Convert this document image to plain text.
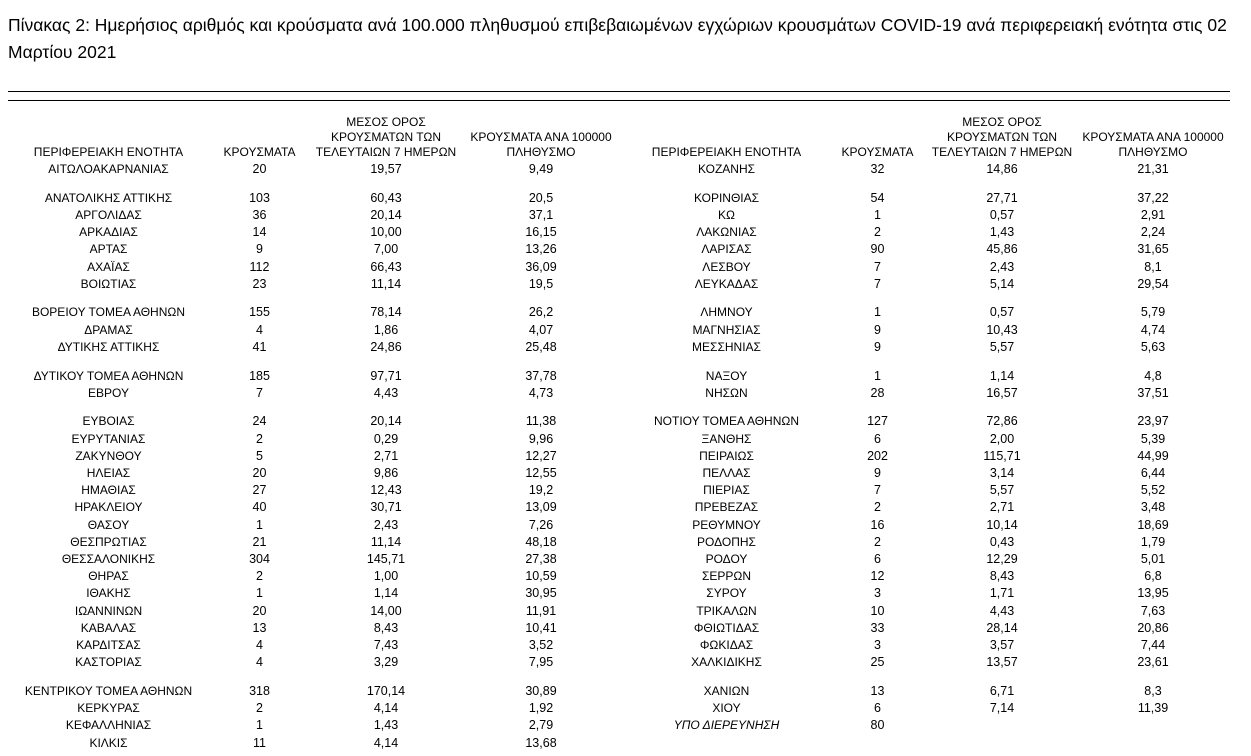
Πίνακας 2: Ημερήσιος αριθμός και κρούσματα ανά 100.000 πληθυσμού επιβεβαιωμένων εγχώριων κρουσμάτων COVID-19 ανά περιφερειακή ενότητα στις 02 Μαρτίου 2021
ΠΕΡΙΦΕΡΕΙΑΚΗ ΕΝΟΤΗΤΑ	ΚΡΟΥΣΜΑΤΑ	ΜΕΣΟΣ ΟΡΟΣ ΚΡΟΥΣΜΑΤΩΝ ΤΩΝ ΤΕΛΕΥΤΑΙΩΝ 7 ΗΜΕΡΩΝ	ΚΡΟΥΣΜΑΤΑ ΑΝΑ 100000 ΠΛΗΘΥΣΜΟ
ΑΙΤΩΛΟΑΚΑΡΝΑΝΙΑΣ	20	19,57	9,49
ΑΝΑΤΟΛΙΚΗΣ ΑΤΤΙΚΗΣ	103	60,43	20,5
ΑΡΓΟΛΙΔΑΣ	36	20,14	37,1
ΑΡΚΑΔΙΑΣ	14	10,00	16,15
ΑΡΤΑΣ	9	7,00	13,26
ΑΧΑΪΑΣ	112	66,43	36,09
ΒΟΙΩΤΙΑΣ	23	11,14	19,5
ΒΟΡΕΙΟΥ ΤΟΜΕΑ ΑΘΗΝΩΝ	155	78,14	26,2
ΔΡΑΜΑΣ	4	1,86	4,07
ΔΥΤΙΚΗΣ ΑΤΤΙΚΗΣ	41	24,86	25,48
ΔΥΤΙΚΟΥ ΤΟΜΕΑ ΑΘΗΝΩΝ	185	97,71	37,78
ΕΒΡΟΥ	7	4,43	4,73
ΕΥΒΟΙΑΣ	24	20,14	11,38
ΕΥΡΥΤΑΝΙΑΣ	2	0,29	9,96
ΖΑΚΥΝΘΟΥ	5	2,71	12,27
ΗΛΕΙΑΣ	20	9,86	12,55
ΗΜΑΘΙΑΣ	27	12,43	19,2
ΗΡΑΚΛΕΙΟΥ	40	30,71	13,09
ΘΑΣΟΥ	1	2,43	7,26
ΘΕΣΠΡΩΤΙΑΣ	21	11,14	48,18
ΘΕΣΣΑΛΟΝΙΚΗΣ	304	145,71	27,38
ΘΗΡΑΣ	2	1,00	10,59
ΙΘΑΚΗΣ	1	1,14	30,95
ΙΩΑΝΝΙΝΩΝ	20	14,00	11,91
ΚΑΒΑΛΑΣ	13	8,43	10,41
ΚΑΡΔΙΤΣΑΣ	4	7,43	3,52
ΚΑΣΤΟΡΙΑΣ	4	3,29	7,95
ΚΕΝΤΡΙΚΟΥ ΤΟΜΕΑ ΑΘΗΝΩΝ	318	170,14	30,89
ΚΕΡΚΥΡΑΣ	2	4,14	1,92
ΚΕΦΑΛΛΗΝΙΑΣ	1	1,43	2,79
ΚΙΛΚΙΣ	11	4,14	13,68
ΠΕΡΙΦΕΡΕΙΑΚΗ ΕΝΟΤΗΤΑ	ΚΡΟΥΣΜΑΤΑ	ΜΕΣΟΣ ΟΡΟΣ ΚΡΟΥΣΜΑΤΩΝ ΤΩΝ ΤΕΛΕΥΤΑΙΩΝ 7 ΗΜΕΡΩΝ	ΚΡΟΥΣΜΑΤΑ ΑΝΑ 100000 ΠΛΗΘΥΣΜΟ
ΚΟΖΑΝΗΣ	32	14,86	21,31
ΚΟΡΙΝΘΙΑΣ	54	27,71	37,22
ΚΩ	1	0,57	2,91
ΛΑΚΩΝΙΑΣ	2	1,43	2,24
ΛΑΡΙΣΑΣ	90	45,86	31,65
ΛΕΣΒΟΥ	7	2,43	8,1
ΛΕΥΚΑΔΑΣ	7	5,14	29,54
ΛΗΜΝΟΥ	1	0,57	5,79
ΜΑΓΝΗΣΙΑΣ	9	10,43	4,74
ΜΕΣΣΗΝΙΑΣ	9	5,57	5,63
ΝΑΞΟΥ	1	1,14	4,8
ΝΗΣΩΝ	28	16,57	37,51
ΝΟΤΙΟΥ ΤΟΜΕΑ ΑΘΗΝΩΝ	127	72,86	23,97
ΞΑΝΘΗΣ	6	2,00	5,39
ΠΕΙΡΑΙΩΣ	202	115,71	44,99
ΠΕΛΛΑΣ	9	3,14	6,44
ΠΙΕΡΙΑΣ	7	5,57	5,52
ΠΡΕΒΕΖΑΣ	2	2,71	3,48
ΡΕΘΥΜΝΟΥ	16	10,14	18,69
ΡΟΔΟΠΗΣ	2	0,43	1,79
ΡΟΔΟΥ	6	12,29	5,01
ΣΕΡΡΩΝ	12	8,43	6,8
ΣΥΡΟΥ	3	1,71	13,95
ΤΡΙΚΑΛΩΝ	10	4,43	7,63
ΦΘΙΩΤΙΔΑΣ	33	28,14	20,86
ΦΩΚΙΔΑΣ	3	3,57	7,44
ΧΑΛΚΙΔΙΚΗΣ	25	13,57	23,61
ΧΑΝΙΩΝ	13	6,71	8,3
ΧΙΟΥ	6	7,14	11,39
ΥΠΟ ΔΙΕΡΕΥΝΗΣΗ	80		
